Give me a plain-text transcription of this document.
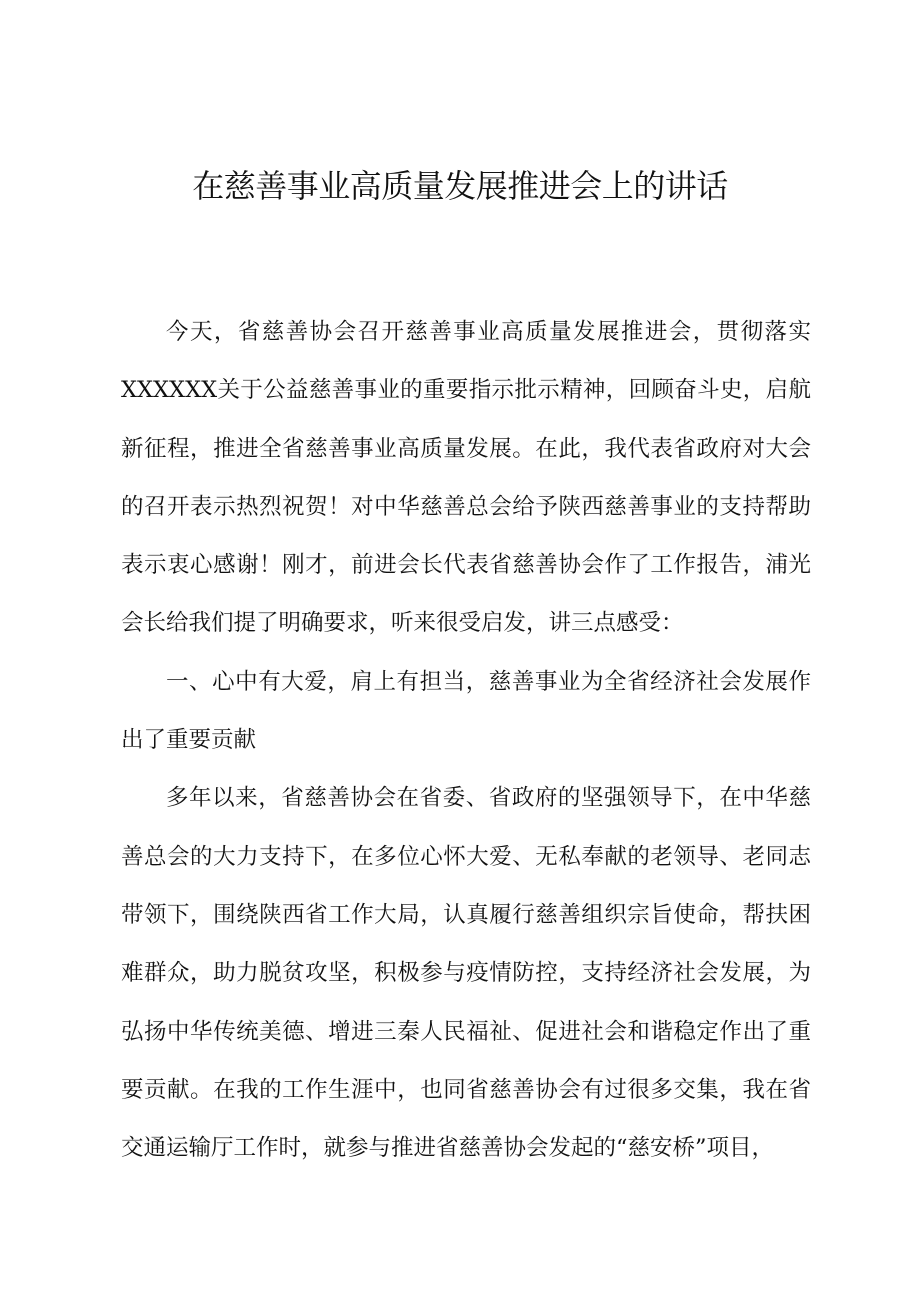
在慈善事业高质量发展推进会上的讲话

今天，省慈善协会召开慈善事业高质量发展推进会，贯彻落实XXXXXX关于公益慈善事业的重要指示批示精神，回顾奋斗史，启航新征程，推进全省慈善事业高质量发展。在此，我代表省政府对大会的召开表示热烈祝贺！对中华慈善总会给予陕西慈善事业的支持帮助表示衷心感谢！刚才，前进会长代表省慈善协会作了工作报告，浦光会长给我们提了明确要求，听来很受启发，讲三点感受：

一、心中有大爱，肩上有担当，慈善事业为全省经济社会发展作出了重要贡献

多年以来，省慈善协会在省委、省政府的坚强领导下，在中华慈善总会的大力支持下，在多位心怀大爱、无私奉献的老领导、老同志带领下，围绕陕西省工作大局，认真履行慈善组织宗旨使命，帮扶困难群众，助力脱贫攻坚，积极参与疫情防控，支持经济社会发展，为弘扬中华传统美德、增进三秦人民福祉、促进社会和谐稳定作出了重要贡献。在我的工作生涯中，也同省慈善协会有过很多交集，我在省交通运输厅工作时，就参与推进省慈善协会发起的“慈安桥”项目，
